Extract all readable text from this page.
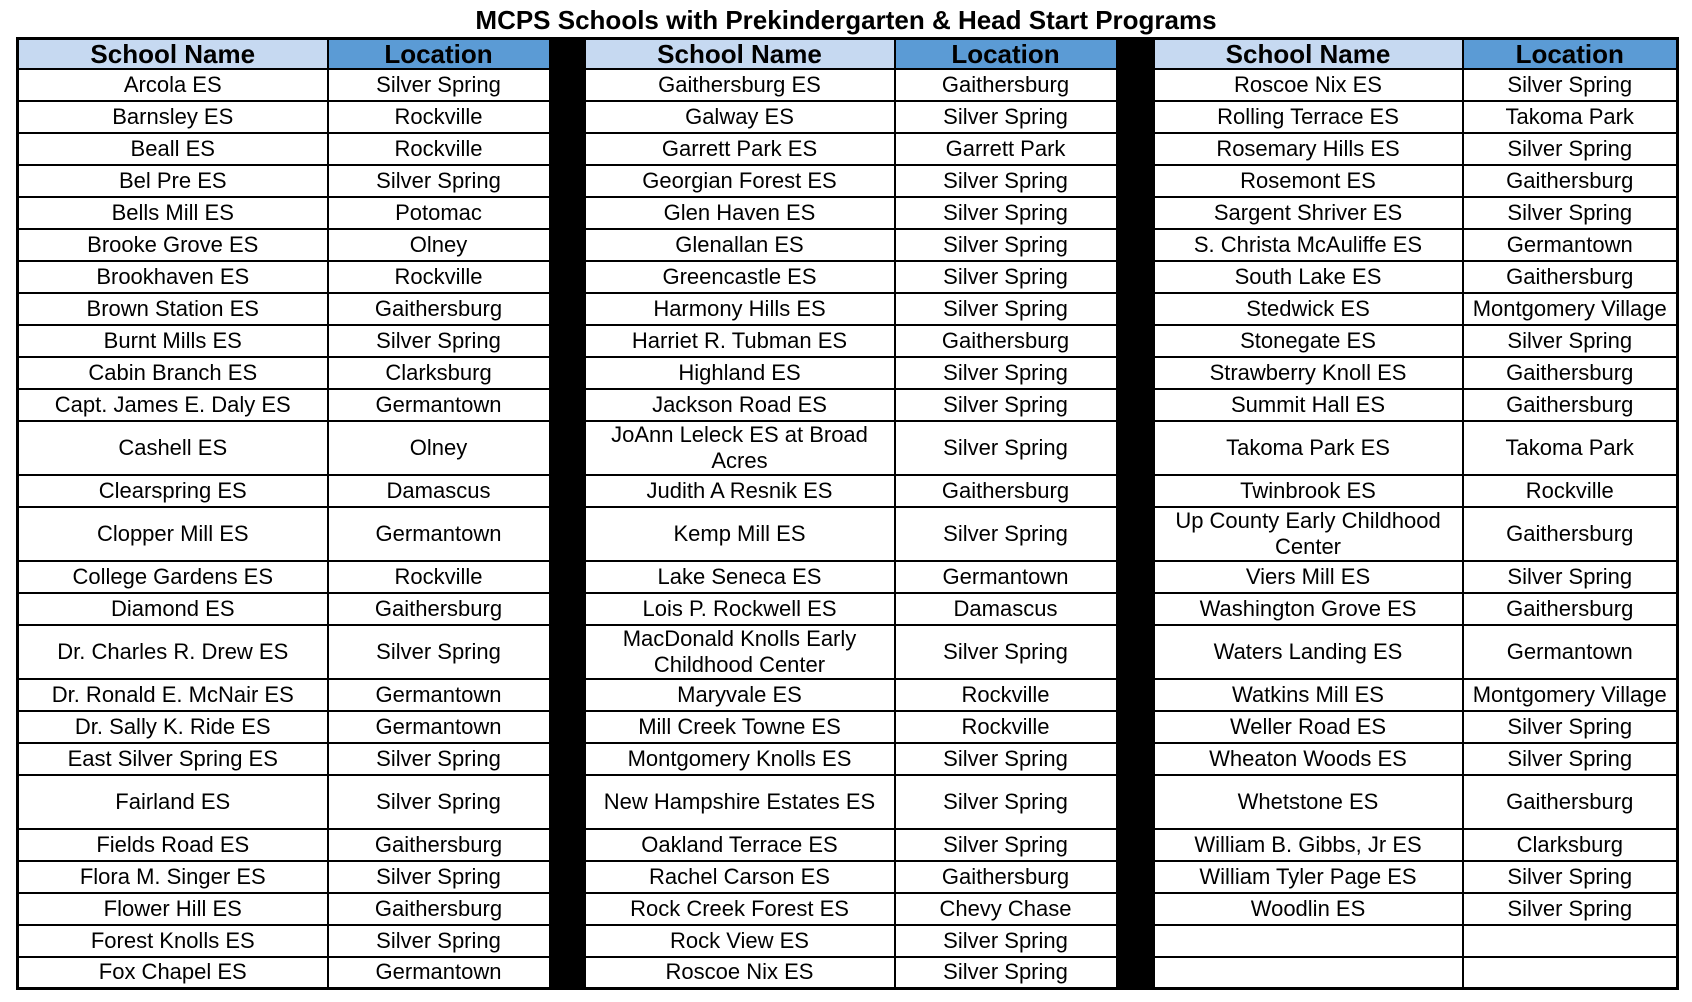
MCPS Schools with Prekindergarten & Head Start Programs
School Name	Location		School Name	Location		School Name	Location
Arcola ES	Silver Spring		Gaithersburg ES	Gaithersburg		Roscoe Nix ES	Silver Spring
Barnsley ES	Rockville		Galway ES	Silver Spring		Rolling Terrace ES	Takoma Park
Beall ES	Rockville		Garrett Park ES	Garrett Park		Rosemary Hills ES	Silver Spring
Bel Pre ES	Silver Spring		Georgian Forest ES	Silver Spring		Rosemont ES	Gaithersburg
Bells Mill ES	Potomac		Glen Haven ES	Silver Spring		Sargent Shriver ES	Silver Spring
Brooke Grove ES	Olney		Glenallan ES	Silver Spring		S. Christa McAuliffe ES	Germantown
Brookhaven ES	Rockville		Greencastle ES	Silver Spring		South Lake ES	Gaithersburg
Brown Station ES	Gaithersburg		Harmony Hills ES	Silver Spring		Stedwick ES	Montgomery Village
Burnt Mills ES	Silver Spring		Harriet R. Tubman ES	Gaithersburg		Stonegate ES	Silver Spring
Cabin Branch ES	Clarksburg		Highland ES	Silver Spring		Strawberry Knoll ES	Gaithersburg
Capt. James E. Daly ES	Germantown		Jackson Road ES	Silver Spring		Summit Hall ES	Gaithersburg
Cashell ES	Olney		JoAnn Leleck ES at Broad Acres	Silver Spring		Takoma Park ES	Takoma Park
Clearspring ES	Damascus		Judith A Resnik ES	Gaithersburg		Twinbrook ES	Rockville
Clopper Mill ES	Germantown		Kemp Mill ES	Silver Spring		Up County Early Childhood Center	Gaithersburg
College Gardens ES	Rockville		Lake Seneca ES	Germantown		Viers Mill ES	Silver Spring
Diamond ES	Gaithersburg		Lois P. Rockwell ES	Damascus		Washington Grove ES	Gaithersburg
Dr. Charles R. Drew ES	Silver Spring		MacDonald Knolls Early Childhood Center	Silver Spring		Waters Landing ES	Germantown
Dr. Ronald E. McNair ES	Germantown		Maryvale ES	Rockville		Watkins Mill ES	Montgomery Village
Dr. Sally K. Ride ES	Germantown		Mill Creek Towne ES	Rockville		Weller Road ES	Silver Spring
East Silver Spring ES	Silver Spring		Montgomery Knolls ES	Silver Spring		Wheaton Woods ES	Silver Spring
Fairland ES	Silver Spring		New Hampshire Estates ES	Silver Spring		Whetstone ES	Gaithersburg
Fields Road ES	Gaithersburg		Oakland Terrace ES	Silver Spring		William B. Gibbs, Jr ES	Clarksburg
Flora M. Singer ES	Silver Spring		Rachel Carson ES	Gaithersburg		William Tyler Page ES	Silver Spring
Flower Hill ES	Gaithersburg		Rock Creek Forest ES	Chevy Chase		Woodlin ES	Silver Spring
Forest Knolls ES	Silver Spring		Rock View ES	Silver Spring			
Fox Chapel ES	Germantown		Roscoe Nix ES	Silver Spring			
